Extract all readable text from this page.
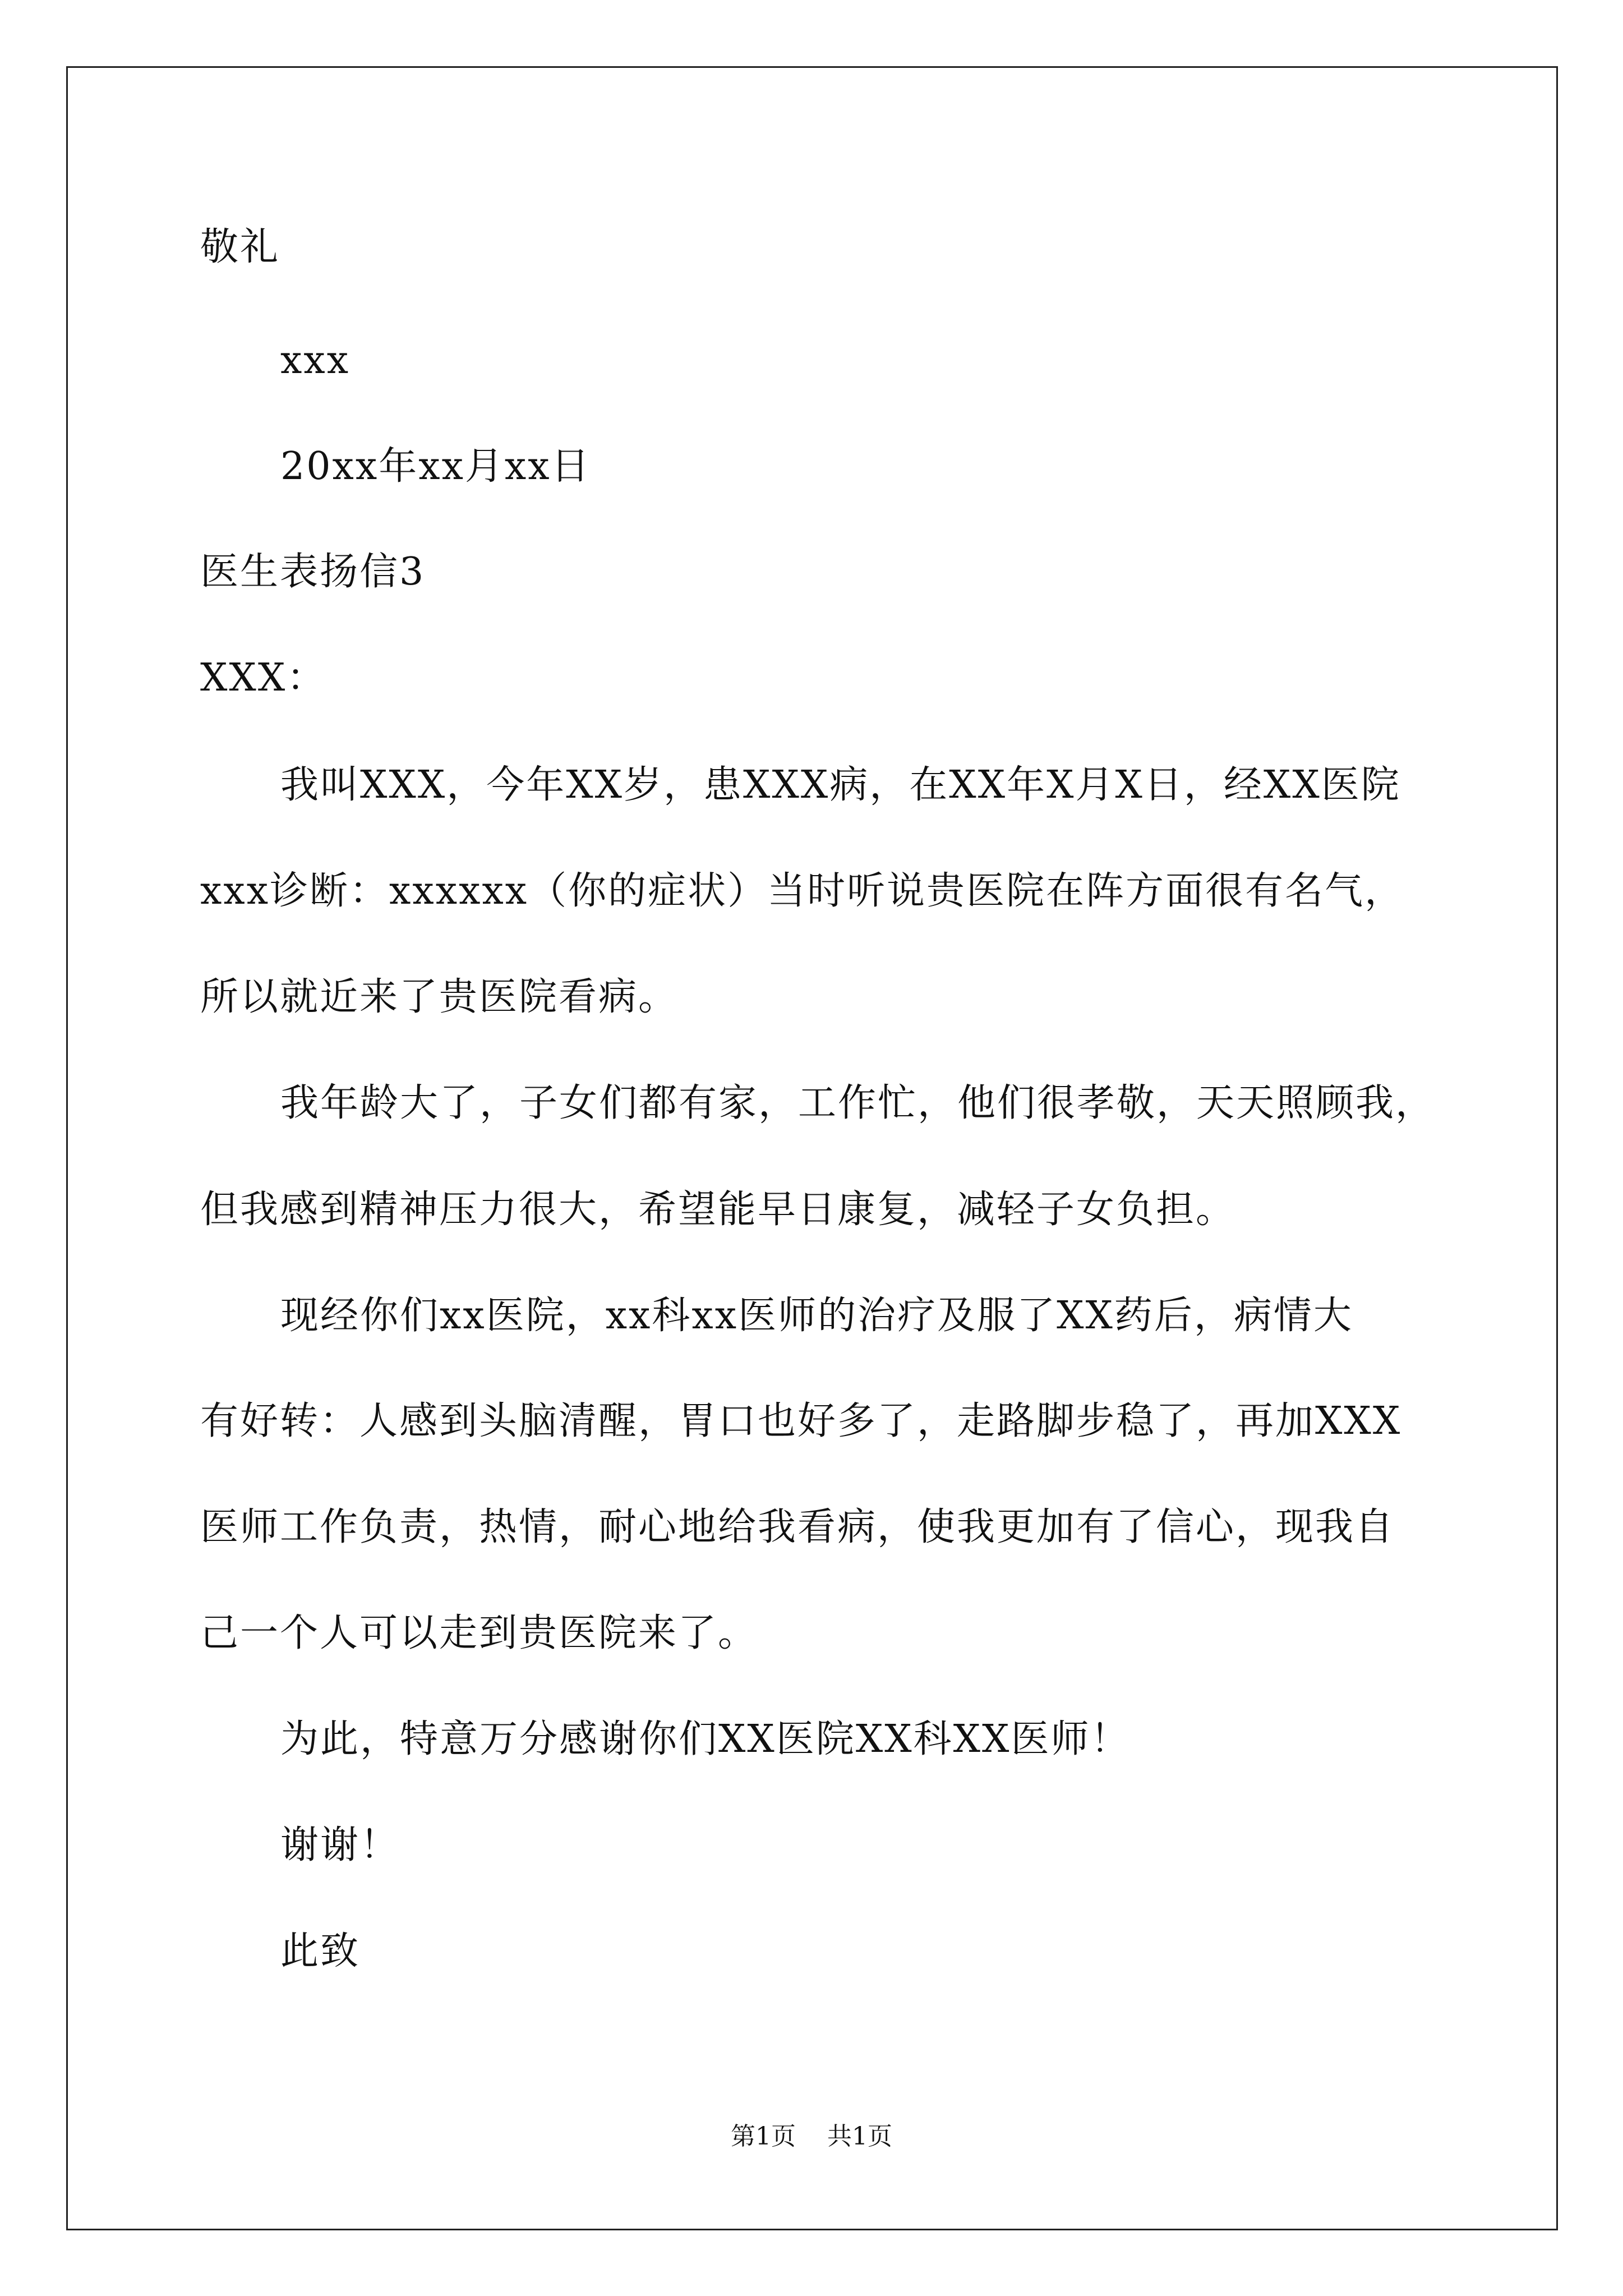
敬礼
xxx
20xx年xx月xx日
医生表扬信3
XXX：
我叫XXX，今年XX岁，患XXX病，在XX年X月X日，经XX医院
xxx诊断：xxxxxx（你的症状）当时听说贵医院在阵方面很有名气，
所以就近来了贵医院看病。
我年龄大了，子女们都有家，工作忙，他们很孝敬，天天照顾我，
但我感到精神压力很大，希望能早日康复，减轻子女负担。
现经你们xx医院，xx科xx医师的治疗及服了XX药后，病情大
有好转：人感到头脑清醒，胃口也好多了，走路脚步稳了，再加XXX
医师工作负责，热情，耐心地给我看病，使我更加有了信心，现我自
己一个人可以走到贵医院来了。
为此，特意万分感谢你们XX医院XX科XX医师！
谢谢！
此致
第1页 共1页
